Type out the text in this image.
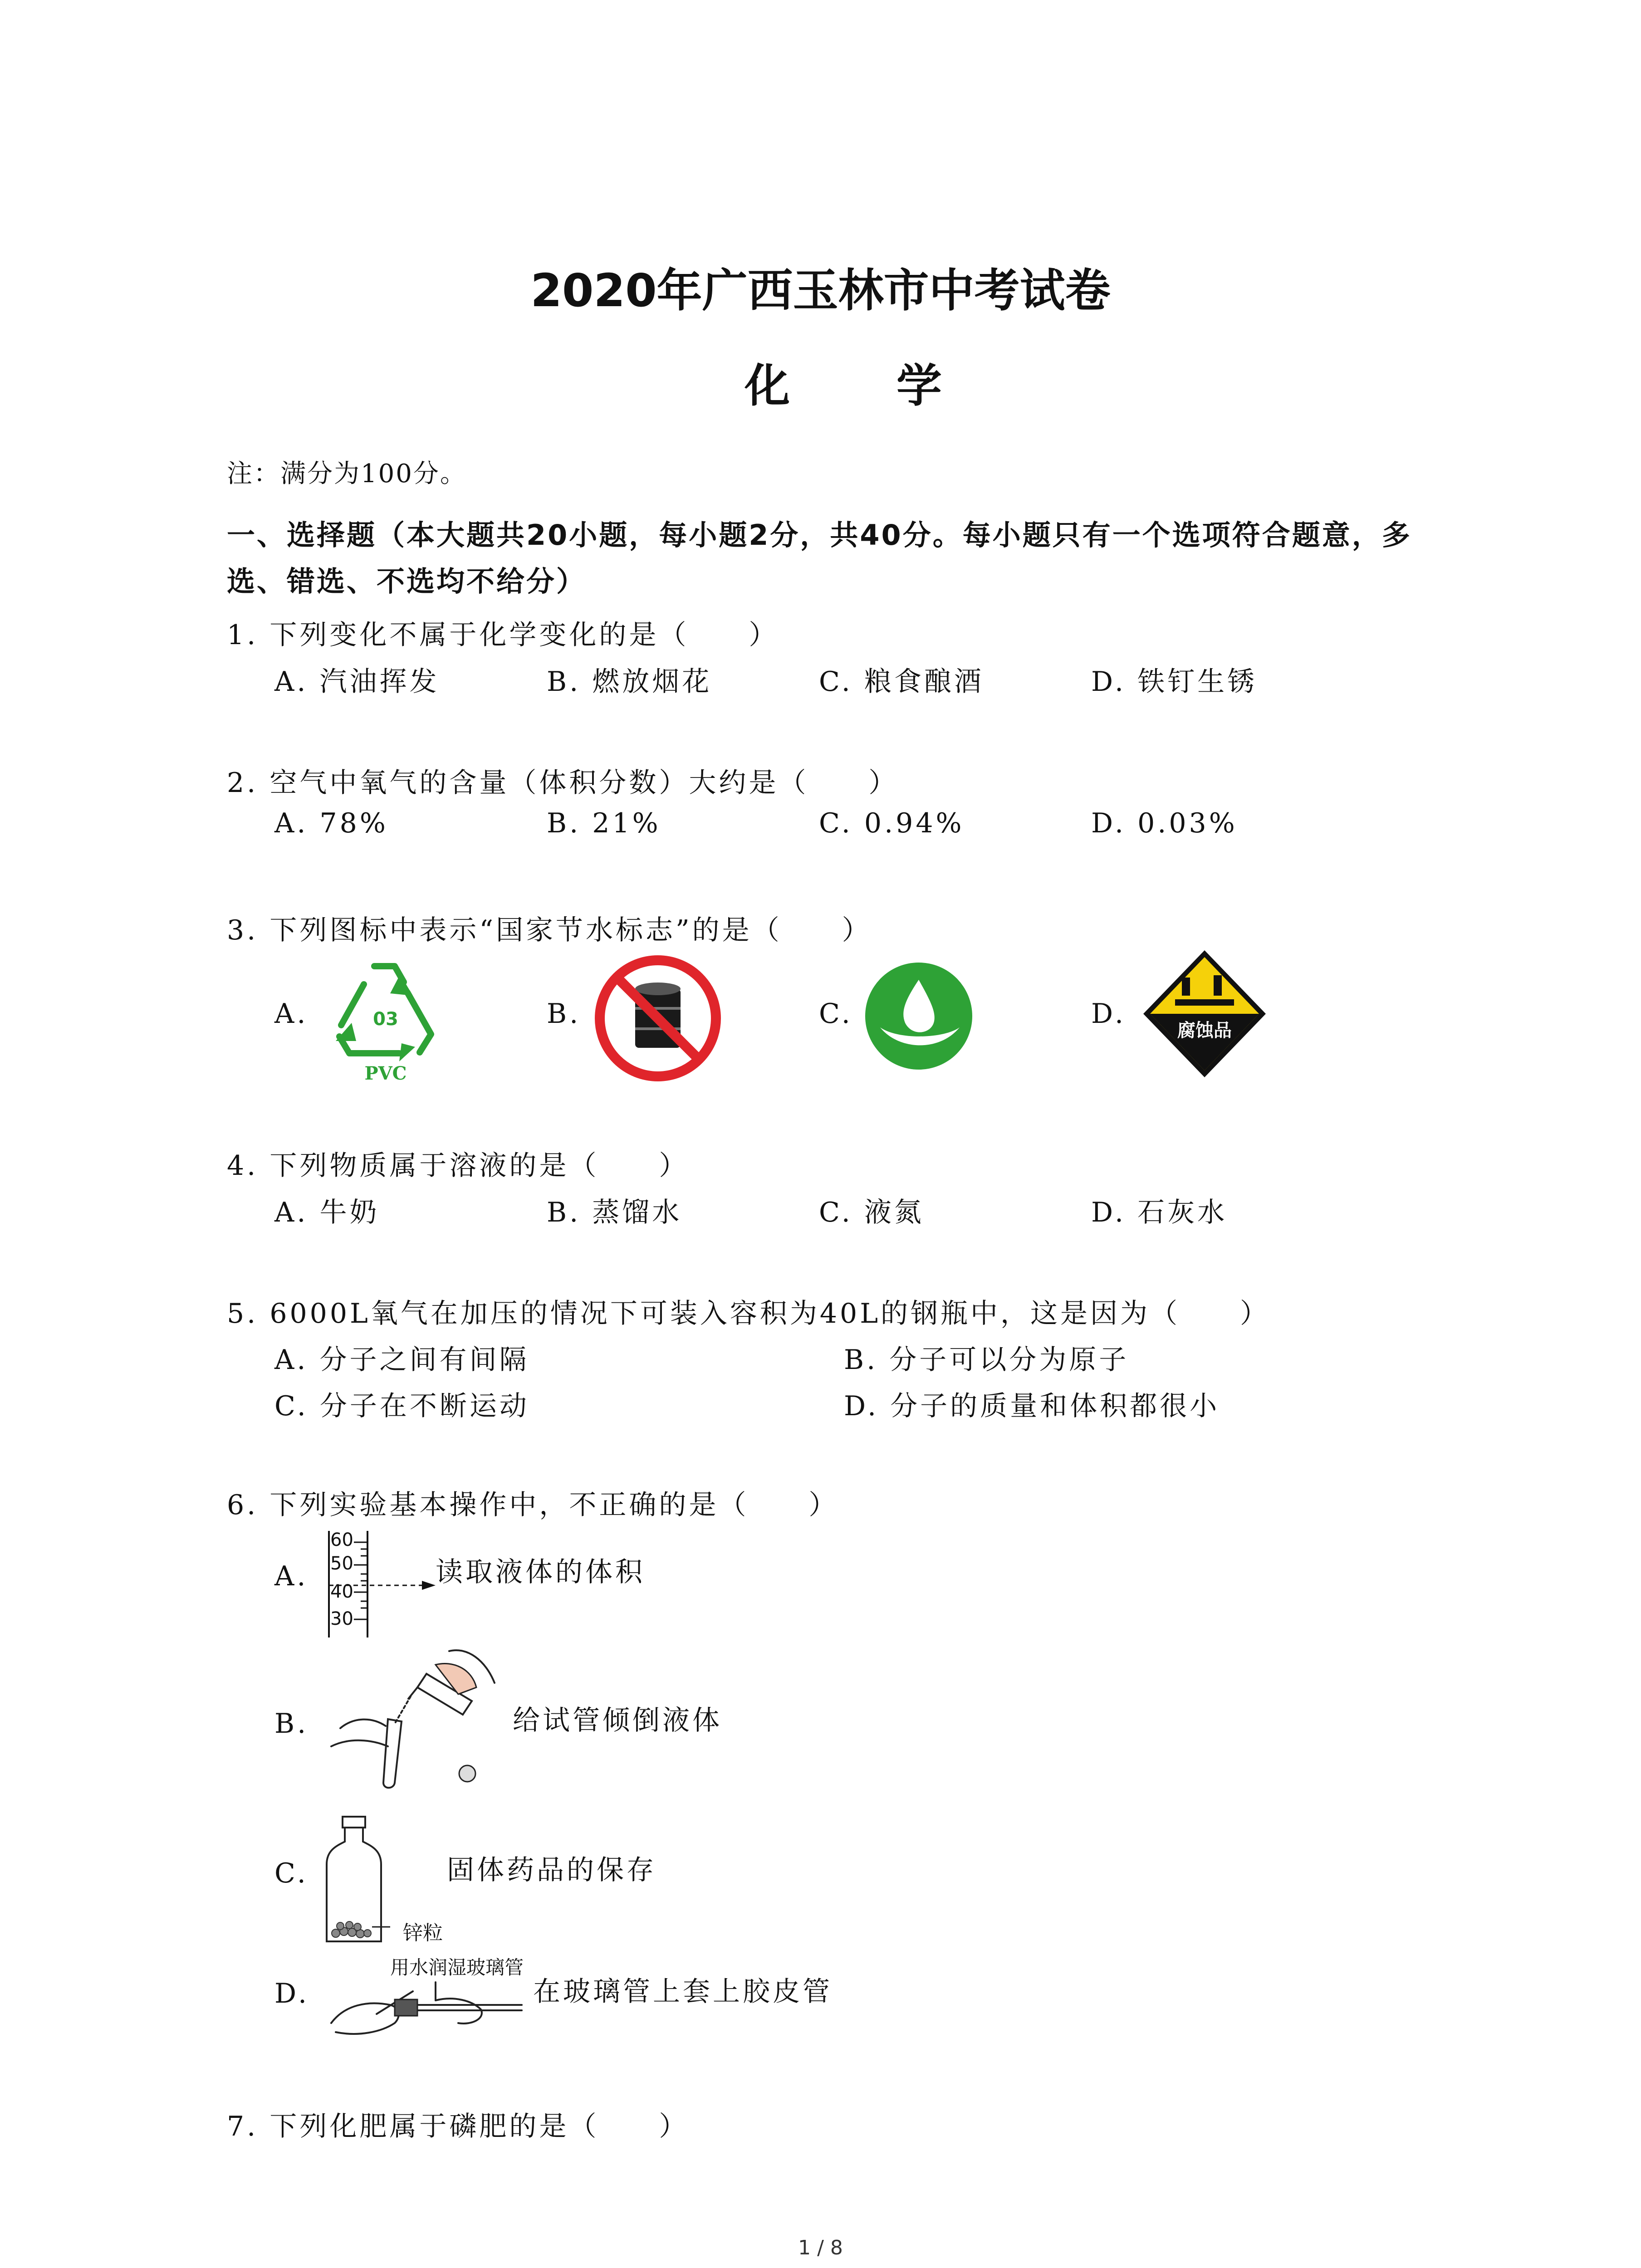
2020年广西玉林市中考试卷
化 学
注：满分为100分。
一、选择题（本大题共20小题，每小题2分，共40分。每小题只有一个选项符合题意，多
选、错选、不选均不给分）
1. 下列变化不属于化学变化的是（　　）
A. 汽油挥发	B. 燃放烟花	C. 粮食酿酒	D. 铁钉生锈
2. 空气中氧气的含量（体积分数）大约是（　　）
A. 78%	B. 21%	C. 0.94%	D. 0.03%
3. 下列图标中表示“国家节水标志”的是（　　）
A.	B.	C.	D.
03
PVC
腐蚀品
4. 下列物质属于溶液的是（　　）
A. 牛奶	B. 蒸馏水	C. 液氮	D. 石灰水
5. 6000L氧气在加压的情况下可装入容积为40L的钢瓶中，这是因为（　　）
A. 分子之间有间隔	B. 分子可以分为原子
C. 分子在不断运动	D. 分子的质量和体积都很小
6. 下列实验基本操作中，不正确的是（　　）
A.
60
50
40
30
读取液体的体积
B.	给试管倾倒液体
C.	固体药品的保存
锌粒
用水润湿玻璃管
D.	在玻璃管上套上胶皮管
7. 下列化肥属于磷肥的是（　　）
1 / 8
